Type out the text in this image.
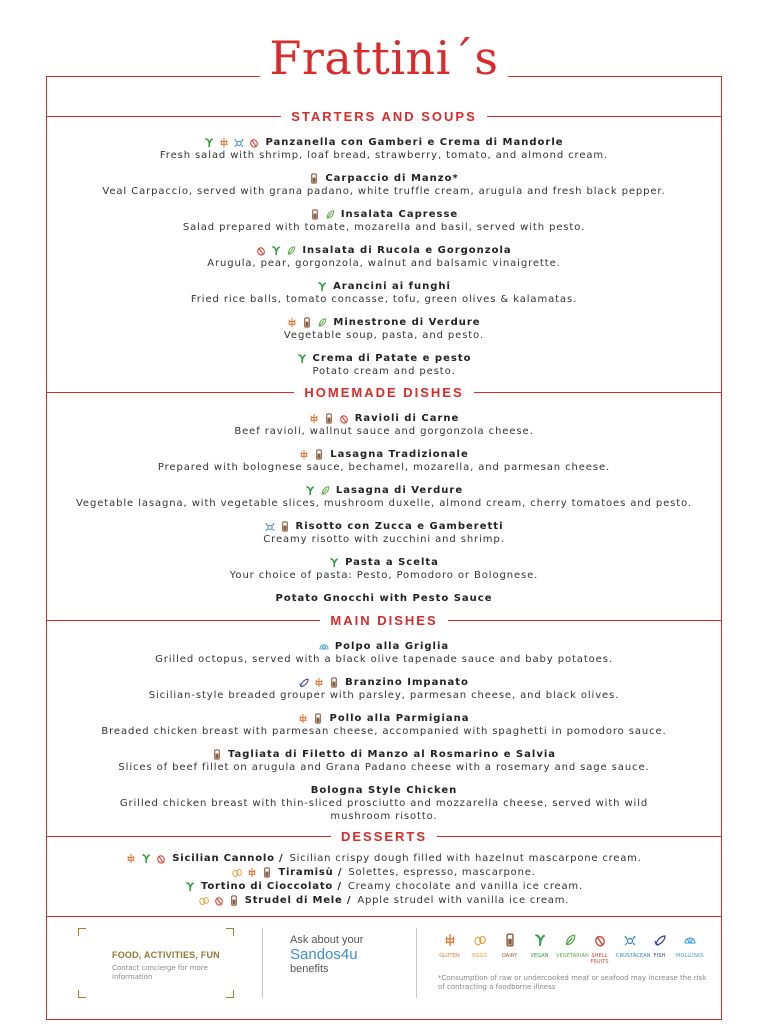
Frattini´s
STARTERS AND SOUPS
HOMEMADE DISHES
MAIN DISHES
DESSERTS
Panzanella con Gamberi e Crema di Mandorle
Fresh salad with shrimp, loaf bread, strawberry, tomato, and almond cream.
Carpaccio di Manzo*
Veal Carpaccio, served with grana padano, white truffle cream, arugula and fresh black pepper.
Insalata Capresse
Salad prepared with tomate, mozarella and basil, served with pesto.
Insalata di Rucola e Gorgonzola
Arugula, pear, gorgonzola, walnut and balsamic vinaigrette.
Arancini ai funghi
Fried rice balls, tomato concasse, tofu, green olives & kalamatas.
Minestrone di Verdure
Vegetable soup, pasta, and pesto.
Crema di Patate e pesto
Potato cream and pesto.
Ravioli di Carne
Beef ravioli, wallnut sauce and gorgonzola cheese.
Lasagna Tradizionale
Prepared with bolognese sauce, bechamel, mozarella, and parmesan cheese.
Lasagna di Verdure
Vegetable lasagna, with vegetable slices, mushroom duxelle, almond cream, cherry tomatoes and pesto.
Risotto con Zucca e Gamberetti
Creamy risotto with zucchini and shrimp.
Pasta a Scelta
Your choice of pasta: Pesto, Pomodoro or Bolognese.
Potato Gnocchi with Pesto Sauce
Polpo alla Griglia
Grilled octopus, served with a black olive tapenade sauce and baby potatoes.
Branzino Impanato
Sicilian-style breaded grouper with parsley, parmesan cheese, and black olives.
Pollo alla Parmigiana
Breaded chicken breast with parmesan cheese, accompanied with spaghetti in pomodoro sauce.
Tagliata di Filetto di Manzo al Rosmarino e Salvia
Slices of beef fillet on arugula and Grana Padano cheese with a rosemary and sage sauce.
Bologna Style Chicken
Grilled chicken breast with thin-sliced prosciutto and mozzarella cheese, served with wild
mushroom risotto.
Sicilian Cannolo / Sicilian crispy dough filled with hazelnut mascarpone cream.
Tiramisù / Solettes, espresso, mascarpone.
Tortino di Cioccolato / Creamy chocolate and vanilla ice cream.
Strudel di Mele / Apple strudel with vanilla ice cream.
FOOD, ACTIVITIES, FUN
Contact concierge for more information
Ask about your
Sandos4u
benefits
GLUTEN	EGGS	DAIRY	VEGAN	VEGETARIAN SHELL FRUITS
CRUSTACEAN FISH	MOLLUSKS
*Consumption of raw or undercooked meat or seafood may increase the risk of contracting a foodborne illness
